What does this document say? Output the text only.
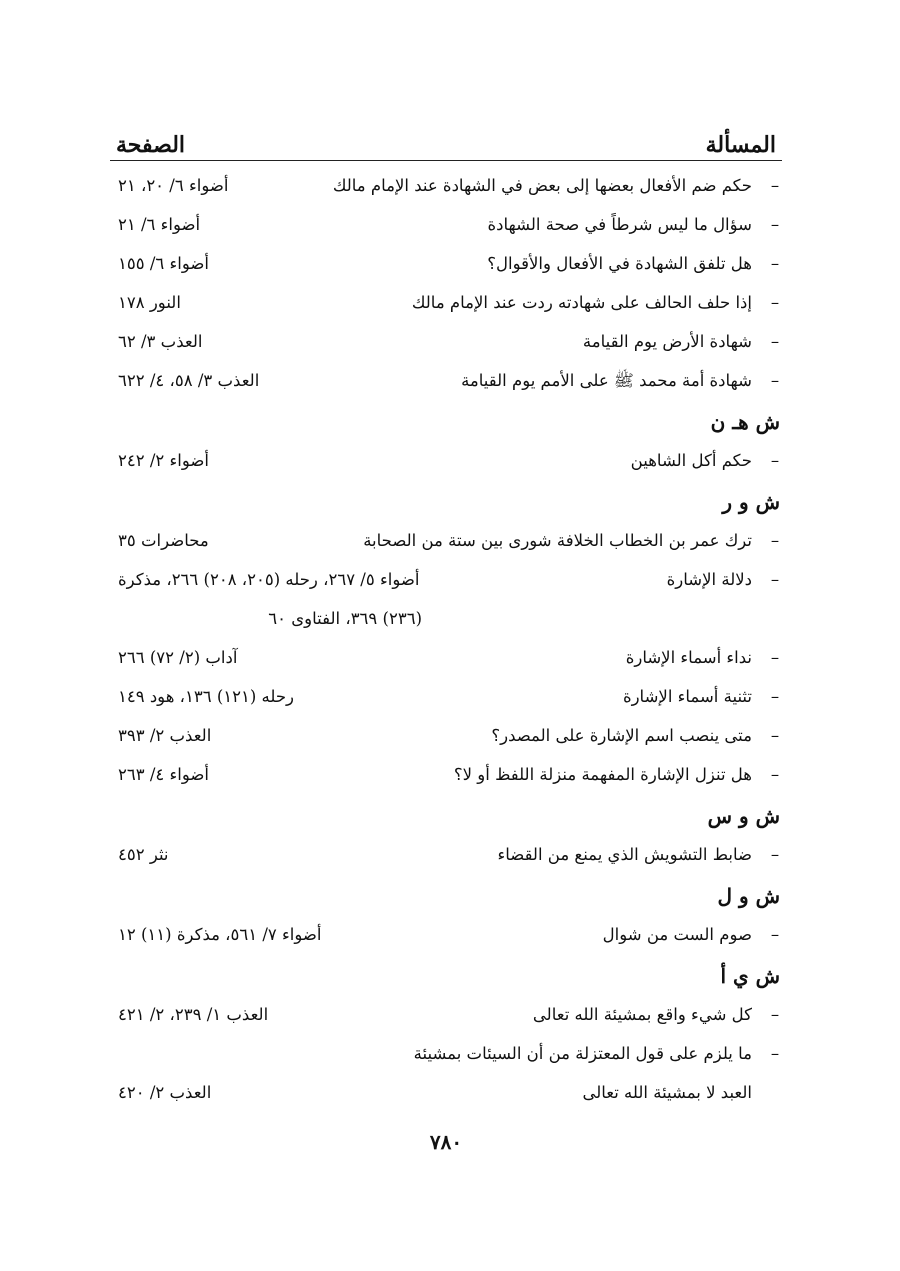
المسألة
الصفحة
–
حكم ضم الأفعال بعضها إلى بعض في الشهادة عند الإمام مالك
أضواء ٦/ ٢٠، ٢١
–
سؤال ما ليس شرطاً في صحة الشهادة
أضواء ٦/ ٢١
–
هل تلفق الشهادة في الأفعال والأقوال؟
أضواء ٦/ ١٥٥
–
إذا حلف الحالف على شهادته ردت عند الإمام مالك
النور ١٧٨
–
شهادة الأرض يوم القيامة
العذب ٣/ ٦٢
–
شهادة أمة محمد ﷺ على الأمم يوم القيامة
العذب ٣/ ٥٨، ٤/ ٦٢٢
ش هـ ن
–
حكم أكل الشاهين
أضواء ٢/ ٢٤٢
ش و ر
–
ترك عمر بن الخطاب الخلافة شورى بين ستة من الصحابة
محاضرات ٣٥
–
دلالة الإشارة
أضواء ٥/ ٢٦٧، رحله (٢٠٥، ٢٠٨) ٢٦٦، مذكرة
(٢٣٦) ٣٦٩، الفتاوى ٦٠
–
نداء أسماء الإشارة
آداب (٢/ ٧٢) ٢٦٦
–
تثنية أسماء الإشارة
رحله (١٢١) ١٣٦، هود ١٤٩
–
متى ينصب اسم الإشارة على المصدر؟
العذب ٢/ ٣٩٣
–
هل تنزل الإشارة المفهمة منزلة اللفظ أو لا؟
أضواء ٤/ ٢٦٣
ش و س
–
ضابط التشويش الذي يمنع من القضاء
نثر ٤٥٢
ش و ل
–
صوم الست من شوال
أضواء ٧/ ٥٦١، مذكرة (١١) ١٢
ش ي أ
–
كل شيء واقع بمشيئة الله تعالى
العذب ١/ ٢٣٩، ٢/ ٤٢١
–
ما يلزم على قول المعتزلة من أن السيئات بمشيئة
العبد لا بمشيئة الله تعالى
العذب ٢/ ٤٢٠
٧٨٠
